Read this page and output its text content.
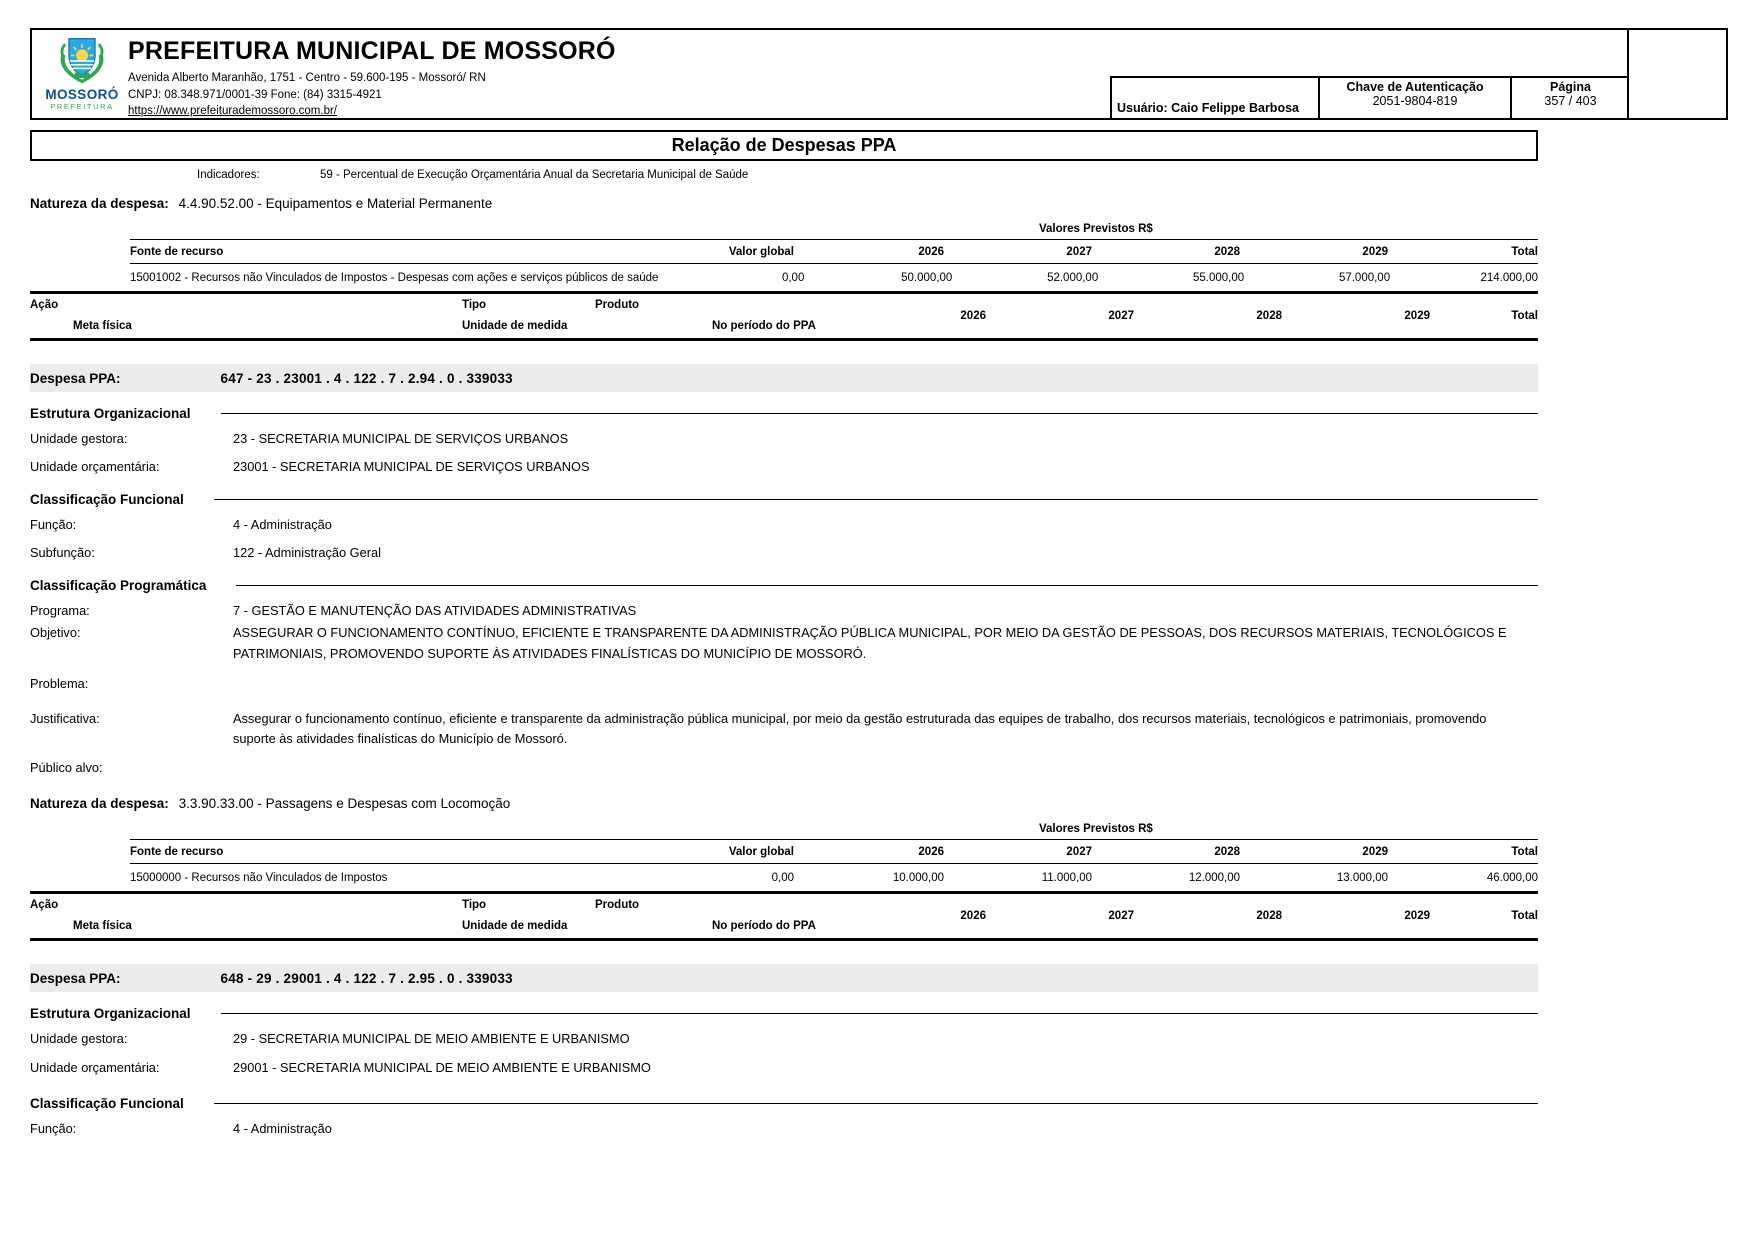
MOSSORÓ
PREFEITURA
PREFEITURA MUNICIPAL DE MOSSORÓ
Avenida Alberto Maranhão, 1751 - Centro - 59.600-195 - Mossoró/ RN
CNPJ: 08.348.971/0001-39 Fone: (84) 3315-4921
https://www.prefeiturademossoro.com.br/	Usuário: Caio Felippe Barbosa
Chave de Autenticação
2051-9804-819
Página
357 / 403
Relação de Despesas PPA
Indicadores:	59 - Percentual de Execução Orçamentária Anual da Secretaria Municipal de Saúde
Natureza da despesa: 4.4.90.52.00 - Equipamentos e Material Permanente
Valores Previstos R$
Fonte de recurso	Valor global	2026	2027	2028	2029	Total
15001002 - Recursos não Vinculados de Impostos - Despesas com ações e serviços públicos de saúde	0,00	50.000,00	52.000,00	55.000,00	57.000,00	214.000,00
Ação	Tipo	Produto
Meta física	Unidade de medida	No período do PPA
2026	2027	2028	2029	Total
Despesa PPA:	647 - 23 . 23001 . 4 . 122 . 7 . 2.94 . 0 . 339033
Estrutura Organizacional
Unidade gestora:	23 - SECRETARIA MUNICIPAL DE SERVIÇOS URBANOS
Unidade orçamentária:	23001 - SECRETARIA MUNICIPAL DE SERVIÇOS URBANOS
Classificação Funcional
Função:	4 - Administração
Subfunção:	122 - Administração Geral
Classificação Programática
Programa:	7 - GESTÃO E MANUTENÇÃO DAS ATIVIDADES ADMINISTRATIVAS
Objetivo:	ASSEGURAR O FUNCIONAMENTO CONTÍNUO, EFICIENTE E TRANSPARENTE DA ADMINISTRAÇÃO PÚBLICA MUNICIPAL, POR MEIO DA GESTÃO DE PESSOAS, DOS RECURSOS MATERIAIS, TECNOLÓGICOS E PATRIMONIAIS, PROMOVENDO SUPORTE ÀS ATIVIDADES FINALÍSTICAS DO MUNICÍPIO DE MOSSORÓ.
Problema:
Justificativa:	Assegurar o funcionamento contínuo, eficiente e transparente da administração pública municipal, por meio da gestão estruturada das equipes de trabalho, dos recursos materiais, tecnológicos e patrimoniais, promovendo suporte às atividades finalísticas do Município de Mossoró.
Público alvo:
Natureza da despesa: 3.3.90.33.00 - Passagens e Despesas com Locomoção
Valores Previstos R$
Fonte de recurso	Valor global	2026	2027	2028	2029	Total
15000000 - Recursos não Vinculados de Impostos	0,00	10.000,00	11.000,00	12.000,00	13.000,00	46.000,00
Ação	Tipo	Produto
Meta física	Unidade de medida	No período do PPA
2026	2027	2028	2029	Total
Despesa PPA:	648 - 29 . 29001 . 4 . 122 . 7 . 2.95 . 0 . 339033
Estrutura Organizacional
Unidade gestora:	29 - SECRETARIA MUNICIPAL DE MEIO AMBIENTE E URBANISMO
Unidade orçamentária:	29001 - SECRETARIA MUNICIPAL DE MEIO AMBIENTE E URBANISMO
Classificação Funcional
Função:	4 - Administração
